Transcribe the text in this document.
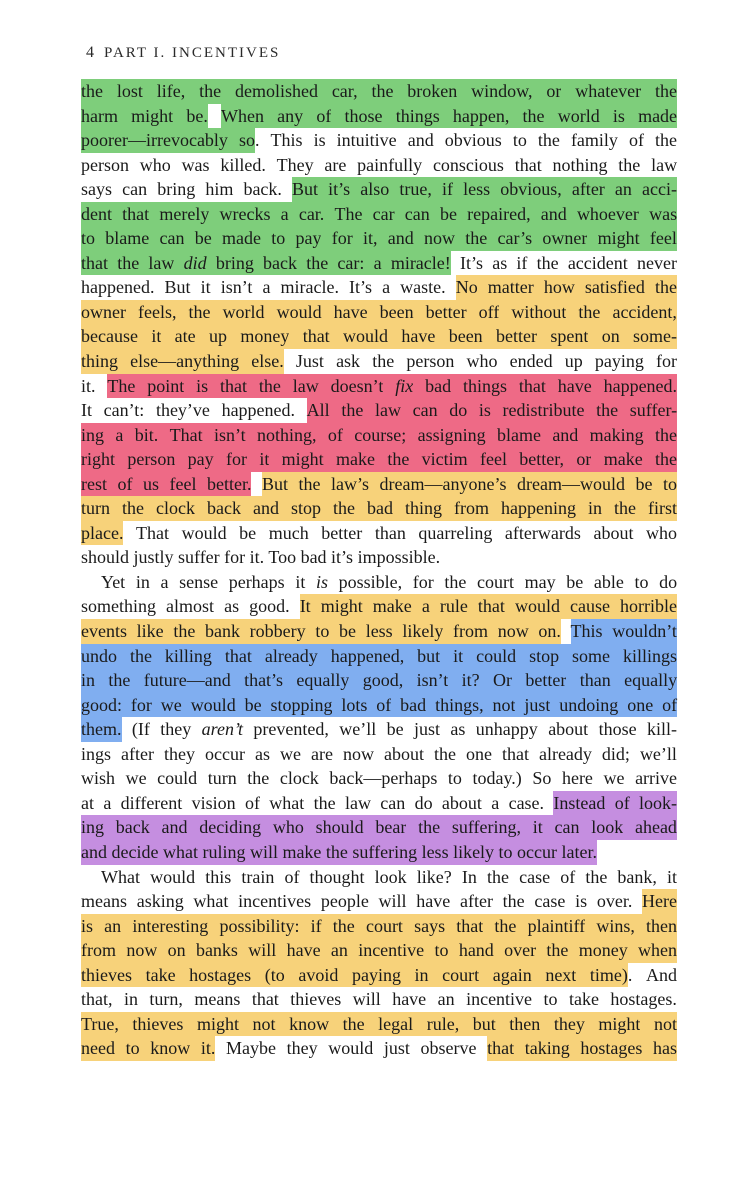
4 PART I. INCENTIVES
the lost life, the demolished car, the broken window, or whatever the
harm might be. When any of those things happen, the world is made
poorer—irrevocably so . This is intuitive and obvious to the family of the
person who was killed. They are painfully conscious that nothing the law
says can bring him back. But it’s also true, if less obvious, after an acci-
dent that merely wrecks a car. The car can be repaired, and whoever was
to blame can be made to pay for it, and now the car’s owner might feel
that the law did bring back the car: a miracle! It’s as if the accident never
happened. But it isn’t a miracle. It’s a waste. No matter how satisfied the
owner feels, the world would have been better off without the accident,
because it ate up money that would have been better spent on some-
thing else—anything else. Just ask the person who ended up paying for
it. The point is that the law doesn’t fix bad things that have happened.
It can’t: they’ve happened. All the law can do is redistribute the suffer-
ing a bit. That isn’t nothing, of course; assigning blame and making the
right person pay for it might make the victim feel better, or make the
rest of us feel better. But the law’s dream—anyone’s dream—would be to
turn the clock back and stop the bad thing from happening in the first
place. That would be much better than quarreling afterwards about who
should justly suffer for it. Too bad it’s impossible.
Yet in a sense perhaps it is possible, for the court may be able to do
something almost as good. It might make a rule that would cause horrible
events like the bank robbery to be less likely from now on. This wouldn’t
undo the killing that already happened, but it could stop some killings
in the future—and that’s equally good, isn’t it? Or better than equally
good: for we would be stopping lots of bad things, not just undoing one of
them. (If they aren’t prevented, we’ll be just as unhappy about those kill-
ings after they occur as we are now about the one that already did; we’ll
wish we could turn the clock back—perhaps to today.) So here we arrive
at a different vision of what the law can do about a case. Instead of look-
ing back and deciding who should bear the suffering, it can look ahead
and decide what ruling will make the suffering less likely to occur later.
What would this train of thought look like? In the case of the bank, it
means asking what incentives people will have after the case is over. Here
is an interesting possibility: if the court says that the plaintiff wins, then
from now on banks will have an incentive to hand over the money when
thieves take hostages (to avoid paying in court again next time) . And
that, in turn, means that thieves will have an incentive to take hostages.
True, thieves might not know the legal rule, but then they might not
need to know it. Maybe they would just observe that taking hostages has
